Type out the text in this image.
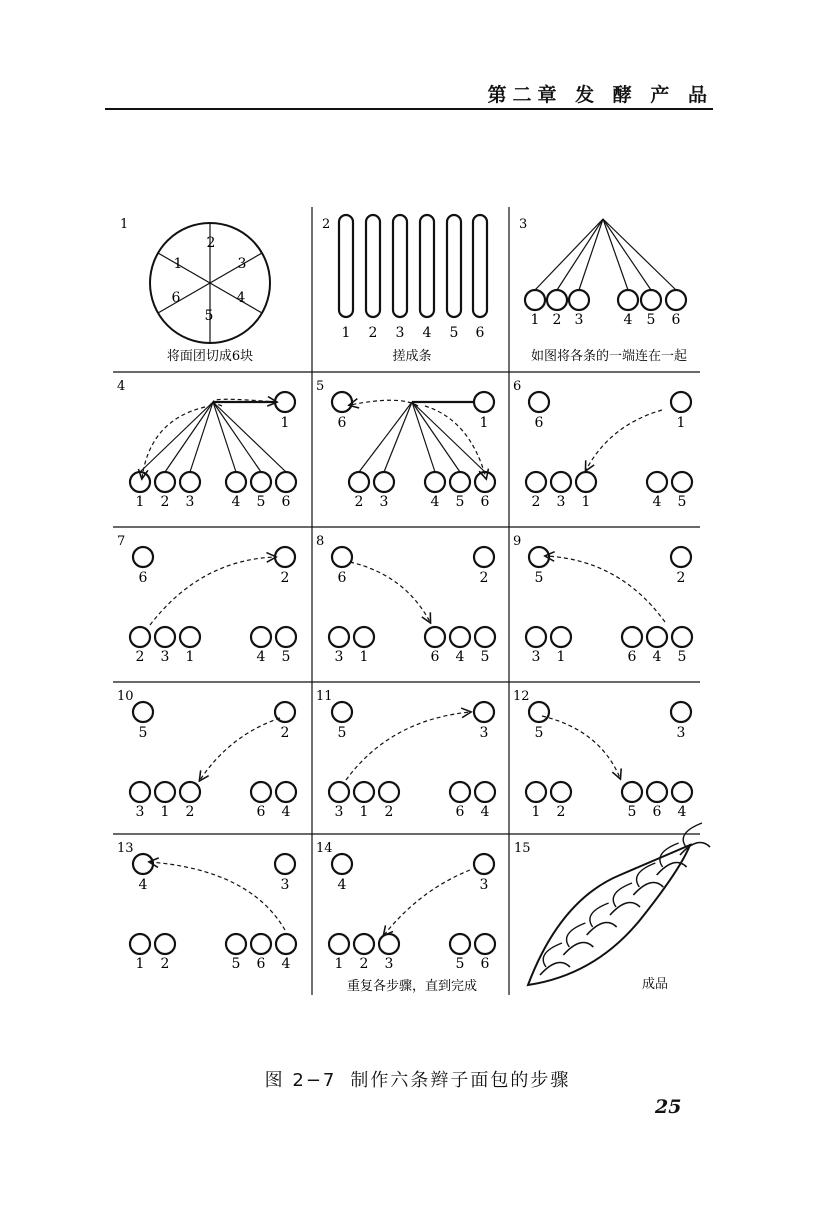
第二章 发 酵 产 品
1
1
2
3
4
5
6
将面团切成6块
2
1 2 3 4 5 6
搓成条
3
1 2 3	4 5 6
如图将各条的一端连在一起
4
1
1 2 3	4 5 6
5
6	1
2 3	4 5 6
6
6	1
2 3 1	4 5
7
6	2
2 3 1	4 5
8
6	2
3 1	6 4 5
9
5	2
3 1	6 4 5
10
5	2
3 1 2	6 4
11
5	3
3 1 2	6 4
12
5	3
1 2	5 6 4
13
4	3
1 2	5 6 4
14
4	3
1 2 3	5 6
重复各步骤，直到完成
15
成品
图 2−7 制作六条辫子面包的步骤
25
